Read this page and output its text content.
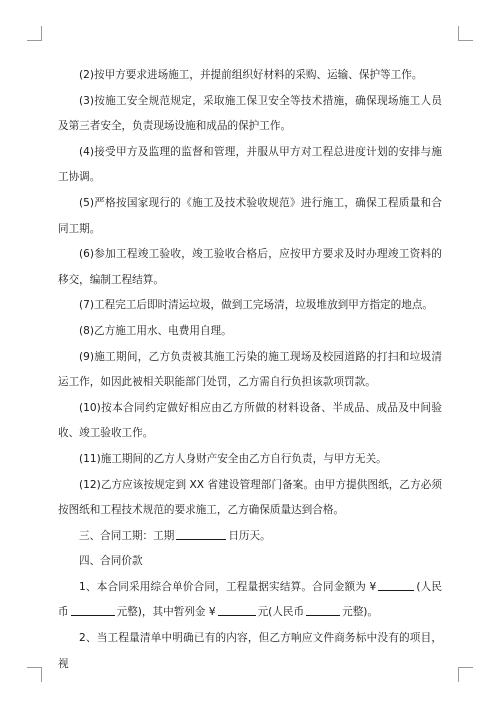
(2)按甲方要求进场施工，并提前组织好材料的采购、运输、保护等工作。

(3)按施工安全规范规定，采取施工保卫安全等技术措施，确保现场施工人员及第三者安全，负责现场设施和成品的保护工作。

(4)接受甲方及监理的监督和管理，并服从甲方对工程总进度计划的安排与施工协调。

(5)严格按国家现行的《施工及技术验收规范》进行施工，确保工程质量和合同工期。

(6)参加工程竣工验收，竣工验收合格后，应按甲方要求及时办理竣工资料的移交，编制工程结算。

(7)工程完工后即时清运垃圾，做到工完场清，垃圾堆放到甲方指定的地点。

(8)乙方施工用水、电费用自理。

(9)施工期间，乙方负责被其施工污染的施工现场及校园道路的打扫和垃圾清运工作，如因此被相关职能部门处罚，乙方需自行负担该款项罚款。

(10)按本合同约定做好相应由乙方所做的材料设备、半成品、成品及中间验收、竣工验收工作。

(11)施工期间的乙方人身财产安全由乙方自行负责，与甲方无关。

(12)乙方应该按规定到 XX 省建设管理部门备案。由甲方提供图纸，乙方必须按图纸和工程技术规范的要求施工，乙方确保质量达到合格。

三、合同工期：工期	日历天。

四、合同价款

1、本合同采用综合单价合同，工程量据实结算。合同金额为 ¥	(人民币	元整)，其中暂列金 ¥	元(人民币	元整)。

2、当工程量清单中明确已有的内容，但乙方响应文件商务标中没有的项目，视
